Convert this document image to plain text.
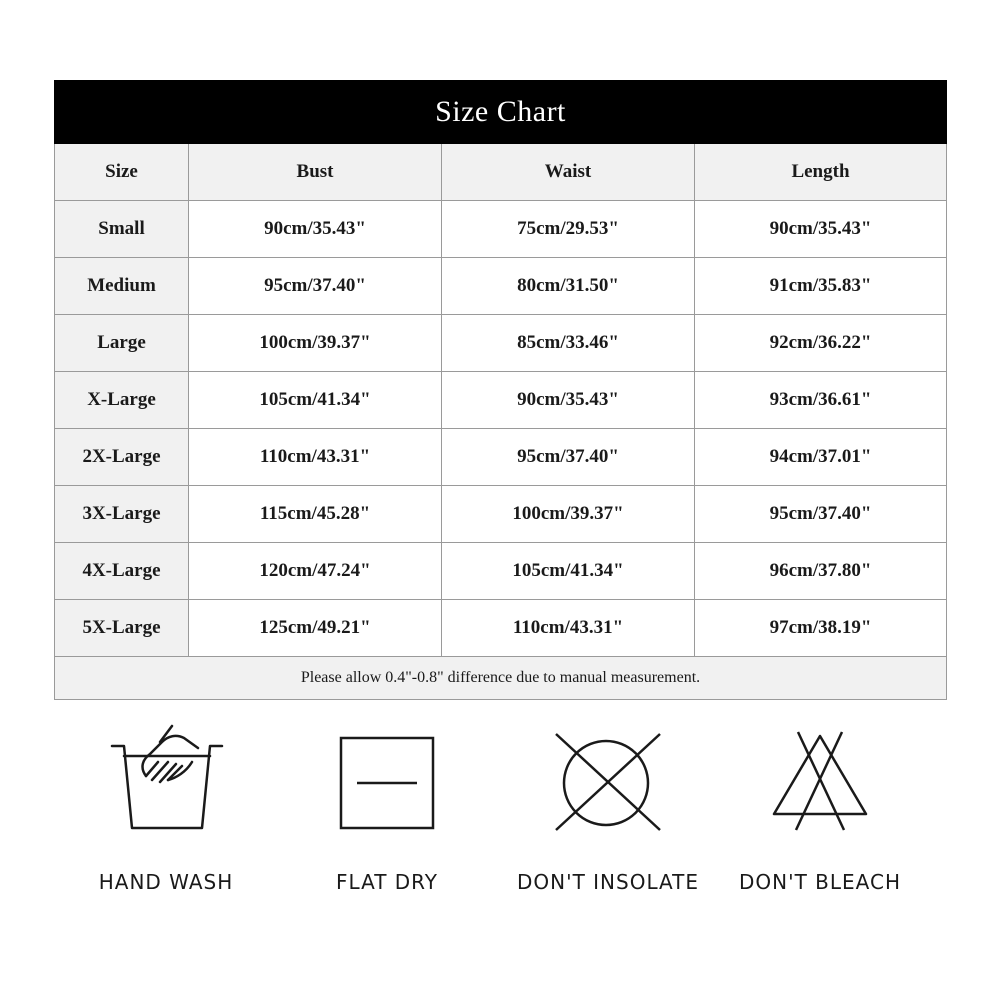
Size Chart			
Size	Bust	Waist	Length
Small	90cm/35.43"	75cm/29.53"	90cm/35.43"
Medium	95cm/37.40"	80cm/31.50"	91cm/35.83"
Large	100cm/39.37"	85cm/33.46"	92cm/36.22"
X-Large	105cm/41.34"	90cm/35.43"	93cm/36.61"
2X-Large	110cm/43.31"	95cm/37.40"	94cm/37.01"
3X-Large	115cm/45.28"	100cm/39.37"	95cm/37.40"
4X-Large	120cm/47.24"	105cm/41.34"	96cm/37.80"
5X-Large	125cm/49.21"	110cm/43.31"	97cm/38.19"
Please allow 0.4"-0.8" difference due to manual measurement.			
HAND WASH	FLAT DRY	DON'T INSOLATE	DON'T BLEACH
